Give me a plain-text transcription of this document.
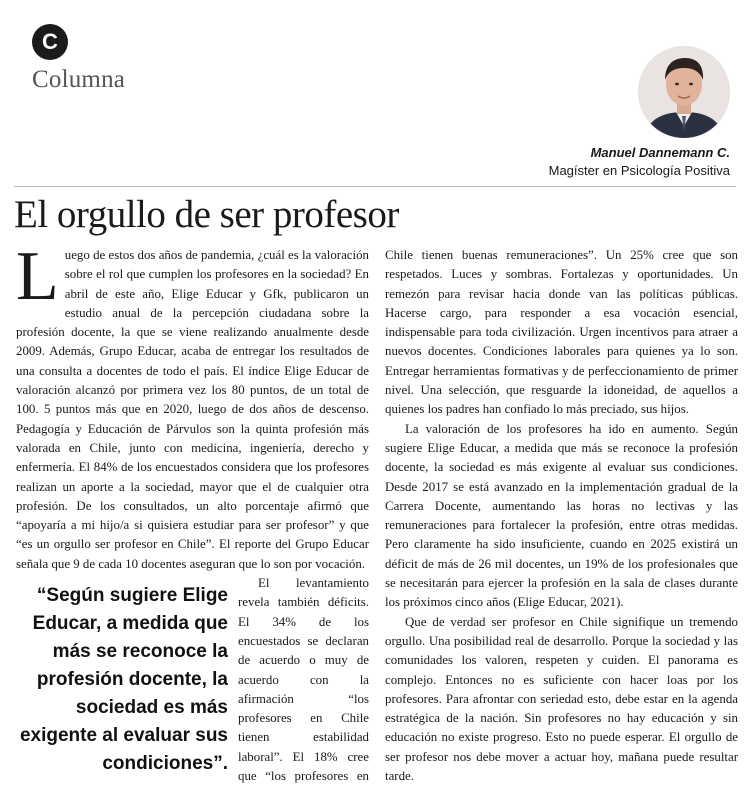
C
Columna
Manuel Dannemann C.
Magíster en Psicología Positiva
El orgullo de ser profesor

Luego de estos dos años de pandemia, ¿cuál es la valoración sobre el rol que cumplen los profesores en la sociedad? En abril de este año, Elige Educar y Gfk, publicaron un estudio anual de la percepción ciudadana sobre la profesión docente, la que se viene realizando anualmente desde 2009. Además, Grupo Educar, acaba de entregar los resultados de una consulta a docentes de todo el país. El índice Elige Educar de valoración alcanzó por primera vez los 80 puntos, de un total de 100. 5 puntos más que en 2020, luego de dos años de descenso. Pedagogía y Educación de Párvulos son la quinta profesión más valorada en Chile, junto con medicina, ingeniería, derecho y enfermería. El 84% de los encuestados considera que los profesores realizan un aporte a la sociedad, mayor que el de cualquier otra profesión. De los consultados, un alto porcentaje afirmó que “apoyaría a mi hijo/a si quisiera estudiar para ser profesor” y que “es un orgullo ser profesor en Chile”. El reporte del Grupo Educar señala que 9 de cada 10 docentes aseguran que lo son por vocación.

“Según sugiere Elige Educar, a medida que más se reconoce la profesión docente, la sociedad es más exigente al evaluar sus condiciones”.

El levantamiento revela también déficits. El 34% de los encuestados se declaran de acuerdo o muy de acuerdo con la afirmación “los profesores en Chile tienen estabilidad laboral”. El 18% cree que “los profesores en Chile tienen buenas remuneraciones”. Un 25% cree que son respetados. Luces y sombras. Fortalezas y oportunidades. Un remezón para revisar hacia donde van las políticas públicas. Hacerse cargo, para responder a esa vocación esencial, indispensable para toda civilización. Urgen incentivos para atraer a nuevos docentes. Condiciones laborales para quienes ya lo son. Entregar herramientas formativas y de perfeccionamiento de primer nivel. Una selección, que resguarde la idoneidad, de aquellos a quienes los padres han confiado lo más preciado, sus hijos.

La valoración de los profesores ha ido en aumento. Según sugiere Elige Educar, a medida que más se reconoce la profesión docente, la sociedad es más exigente al evaluar sus condiciones. Desde 2017 se está avanzado en la implementación gradual de la Carrera Docente, aumentando las horas no lectivas y las remuneraciones para fortalecer la profesión, entre otras medidas. Pero claramente ha sido insuficiente, cuando en 2025 existirá un déficit de más de 26 mil docentes, un 19% de los profesionales que se necesitarán para ejercer la profesión en la sala de clases durante los próximos cinco años (Elige Educar, 2021).

Que de verdad ser profesor en Chile signifique un tremendo orgullo. Una posibilidad real de desarrollo. Porque la sociedad y las comunidades los valoren, respeten y cuiden. El panorama es complejo. Entonces no es suficiente con hacer loas por los profesores. Para afrontar con seriedad esto, debe estar en la agenda estratégica de la nación. Sin profesores no hay educación y sin educación no existe progreso. Esto no puede esperar. El orgullo de ser profesor nos debe mover a actuar hoy, mañana puede resultar tarde.
